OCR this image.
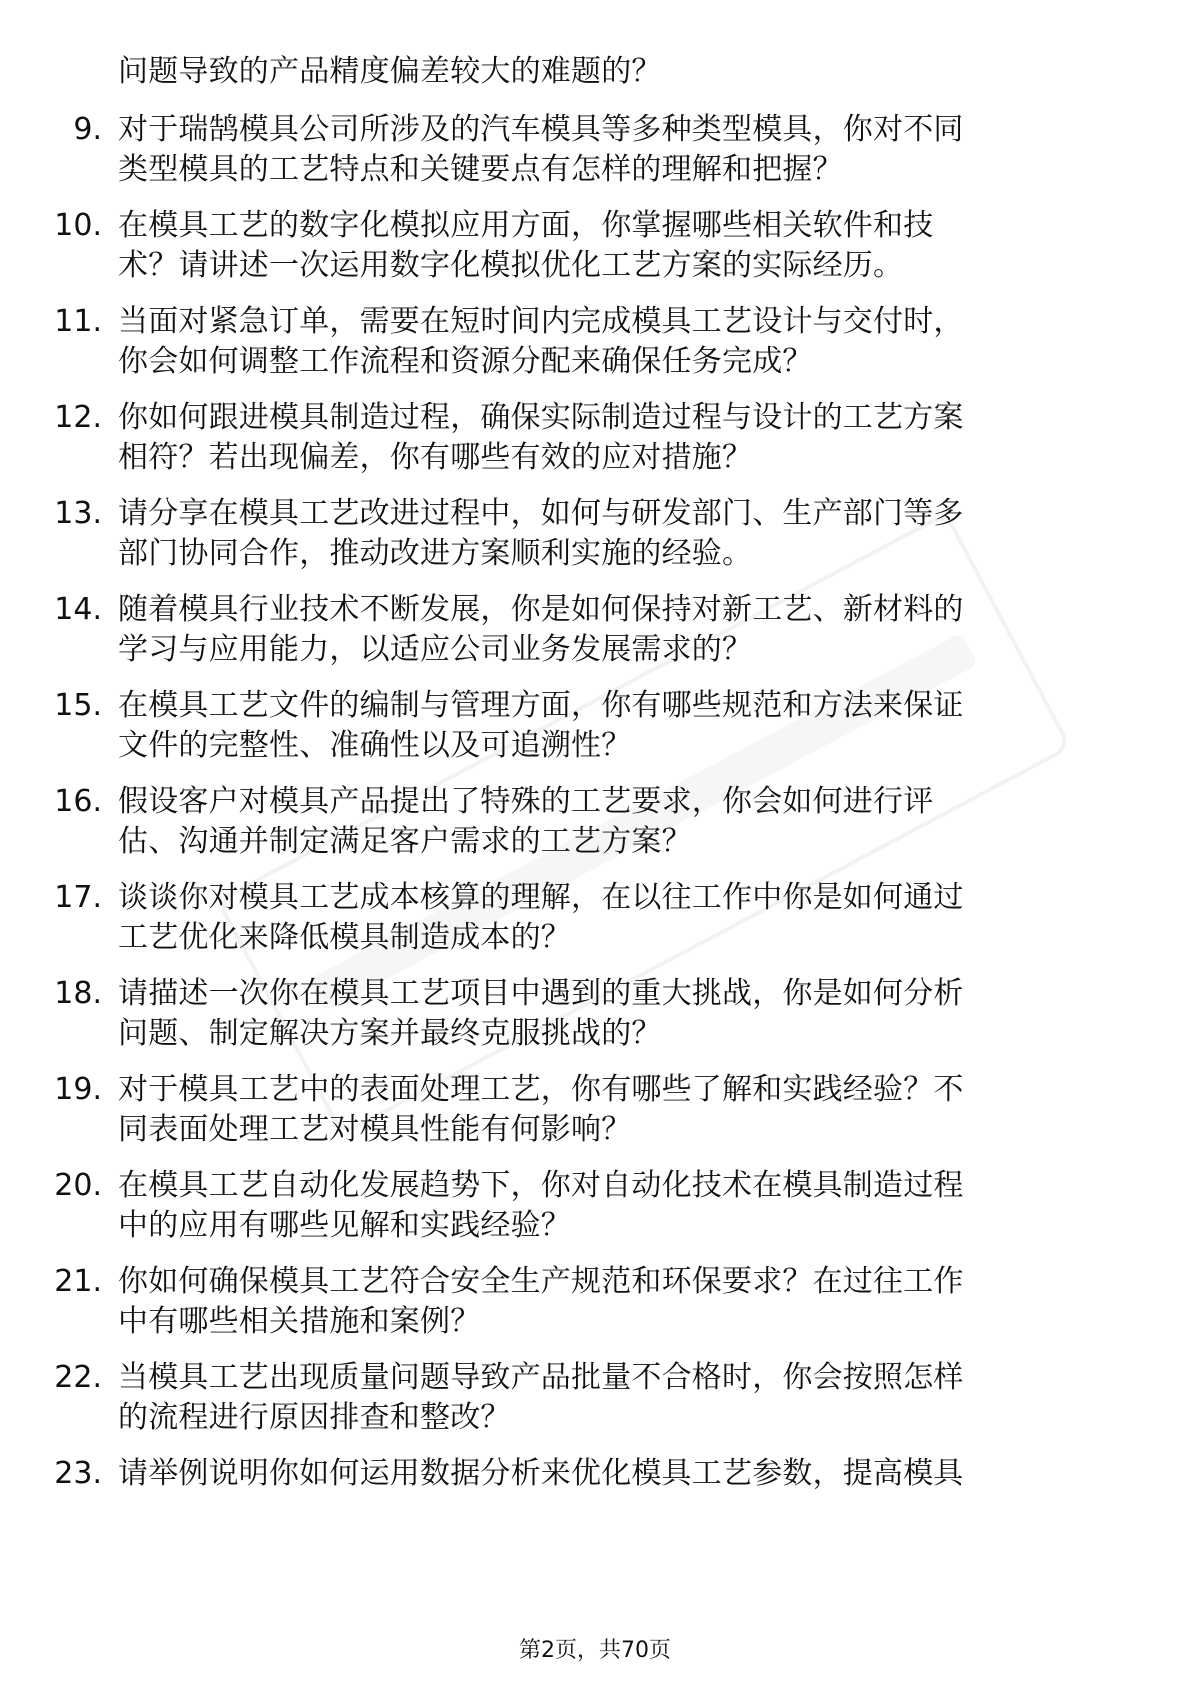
问题导致的产品精度偏差较大的难题的？
9. 对于瑞鹄模具公司所涉及的汽车模具等多种类型模具，你对不同
类型模具的工艺特点和关键要点有怎样的理解和把握？
10. 在模具工艺的数字化模拟应用方面，你掌握哪些相关软件和技
术？请讲述一次运用数字化模拟优化工艺方案的实际经历。
11. 当面对紧急订单，需要在短时间内完成模具工艺设计与交付时，
你会如何调整工作流程和资源分配来确保任务完成？
12. 你如何跟进模具制造过程，确保实际制造过程与设计的工艺方案
相符？若出现偏差，你有哪些有效的应对措施？
13. 请分享在模具工艺改进过程中，如何与研发部门、生产部门等多
部门协同合作，推动改进方案顺利实施的经验。
14. 随着模具行业技术不断发展，你是如何保持对新工艺、新材料的
学习与应用能力，以适应公司业务发展需求的？
15. 在模具工艺文件的编制与管理方面，你有哪些规范和方法来保证
文件的完整性、准确性以及可追溯性？
16. 假设客户对模具产品提出了特殊的工艺要求，你会如何进行评
估、沟通并制定满足客户需求的工艺方案？
17. 谈谈你对模具工艺成本核算的理解，在以往工作中你是如何通过
工艺优化来降低模具制造成本的？
18. 请描述一次你在模具工艺项目中遇到的重大挑战，你是如何分析
问题、制定解决方案并最终克服挑战的？
19. 对于模具工艺中的表面处理工艺，你有哪些了解和实践经验？不
同表面处理工艺对模具性能有何影响？
20. 在模具工艺自动化发展趋势下，你对自动化技术在模具制造过程
中的应用有哪些见解和实践经验？
21. 你如何确保模具工艺符合安全生产规范和环保要求？在过往工作
中有哪些相关措施和案例？
22. 当模具工艺出现质量问题导致产品批量不合格时，你会按照怎样
的流程进行原因排查和整改？
23. 请举例说明你如何运用数据分析来优化模具工艺参数，提高模具
第2页，共70页
